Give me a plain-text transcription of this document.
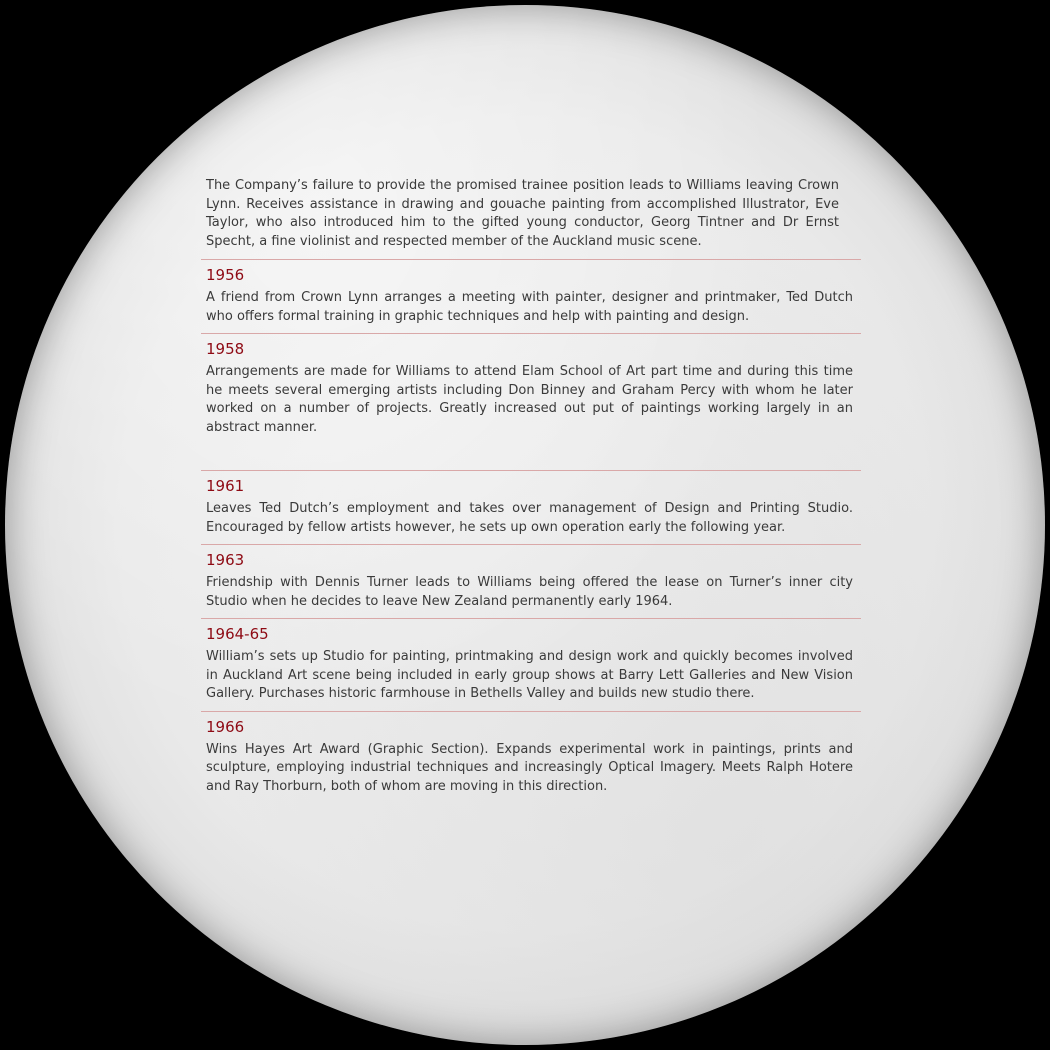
The Company’s failure to provide the promised trainee position leads to Williams leaving Crown Lynn. Receives assistance in drawing and gouache painting from accomplished Illustrator, Eve Taylor, who also introduced him to the gifted young conductor, Georg Tintner and Dr Ernst Specht, a fine violinist and respected member of the Auckland music scene.

1956

A friend from Crown Lynn arranges a meeting with painter, designer and printmaker, Ted Dutch who offers formal training in graphic techniques and help with painting and design.

1958

Arrangements are made for Williams to attend Elam School of Art part time and during this time he meets several emerging artists including Don Binney and Graham Percy with whom he later worked on a number of projects. Greatly increased out put of paintings working largely in an abstract manner.

1961

Leaves Ted Dutch’s employment and takes over management of Design and Printing Studio. Encouraged by fellow artists however, he sets up own operation early the following year.

1963

Friendship with Dennis Turner leads to Williams being offered the lease on Turner’s inner city Studio when he decides to leave New Zealand permanently early 1964.

1964-65

William’s sets up Studio for painting, printmaking and design work and quickly becomes involved in Auckland Art scene being included in early group shows at Barry Lett Galleries and New Vision Gallery. Purchases historic farmhouse in Bethells Valley and builds new studio there.

1966

Wins Hayes Art Award (Graphic Section). Expands experimental work in paintings, prints and sculpture, employing industrial techniques and increasingly Optical Imagery. Meets Ralph Hotere and Ray Thorburn, both of whom are moving in this direction.
